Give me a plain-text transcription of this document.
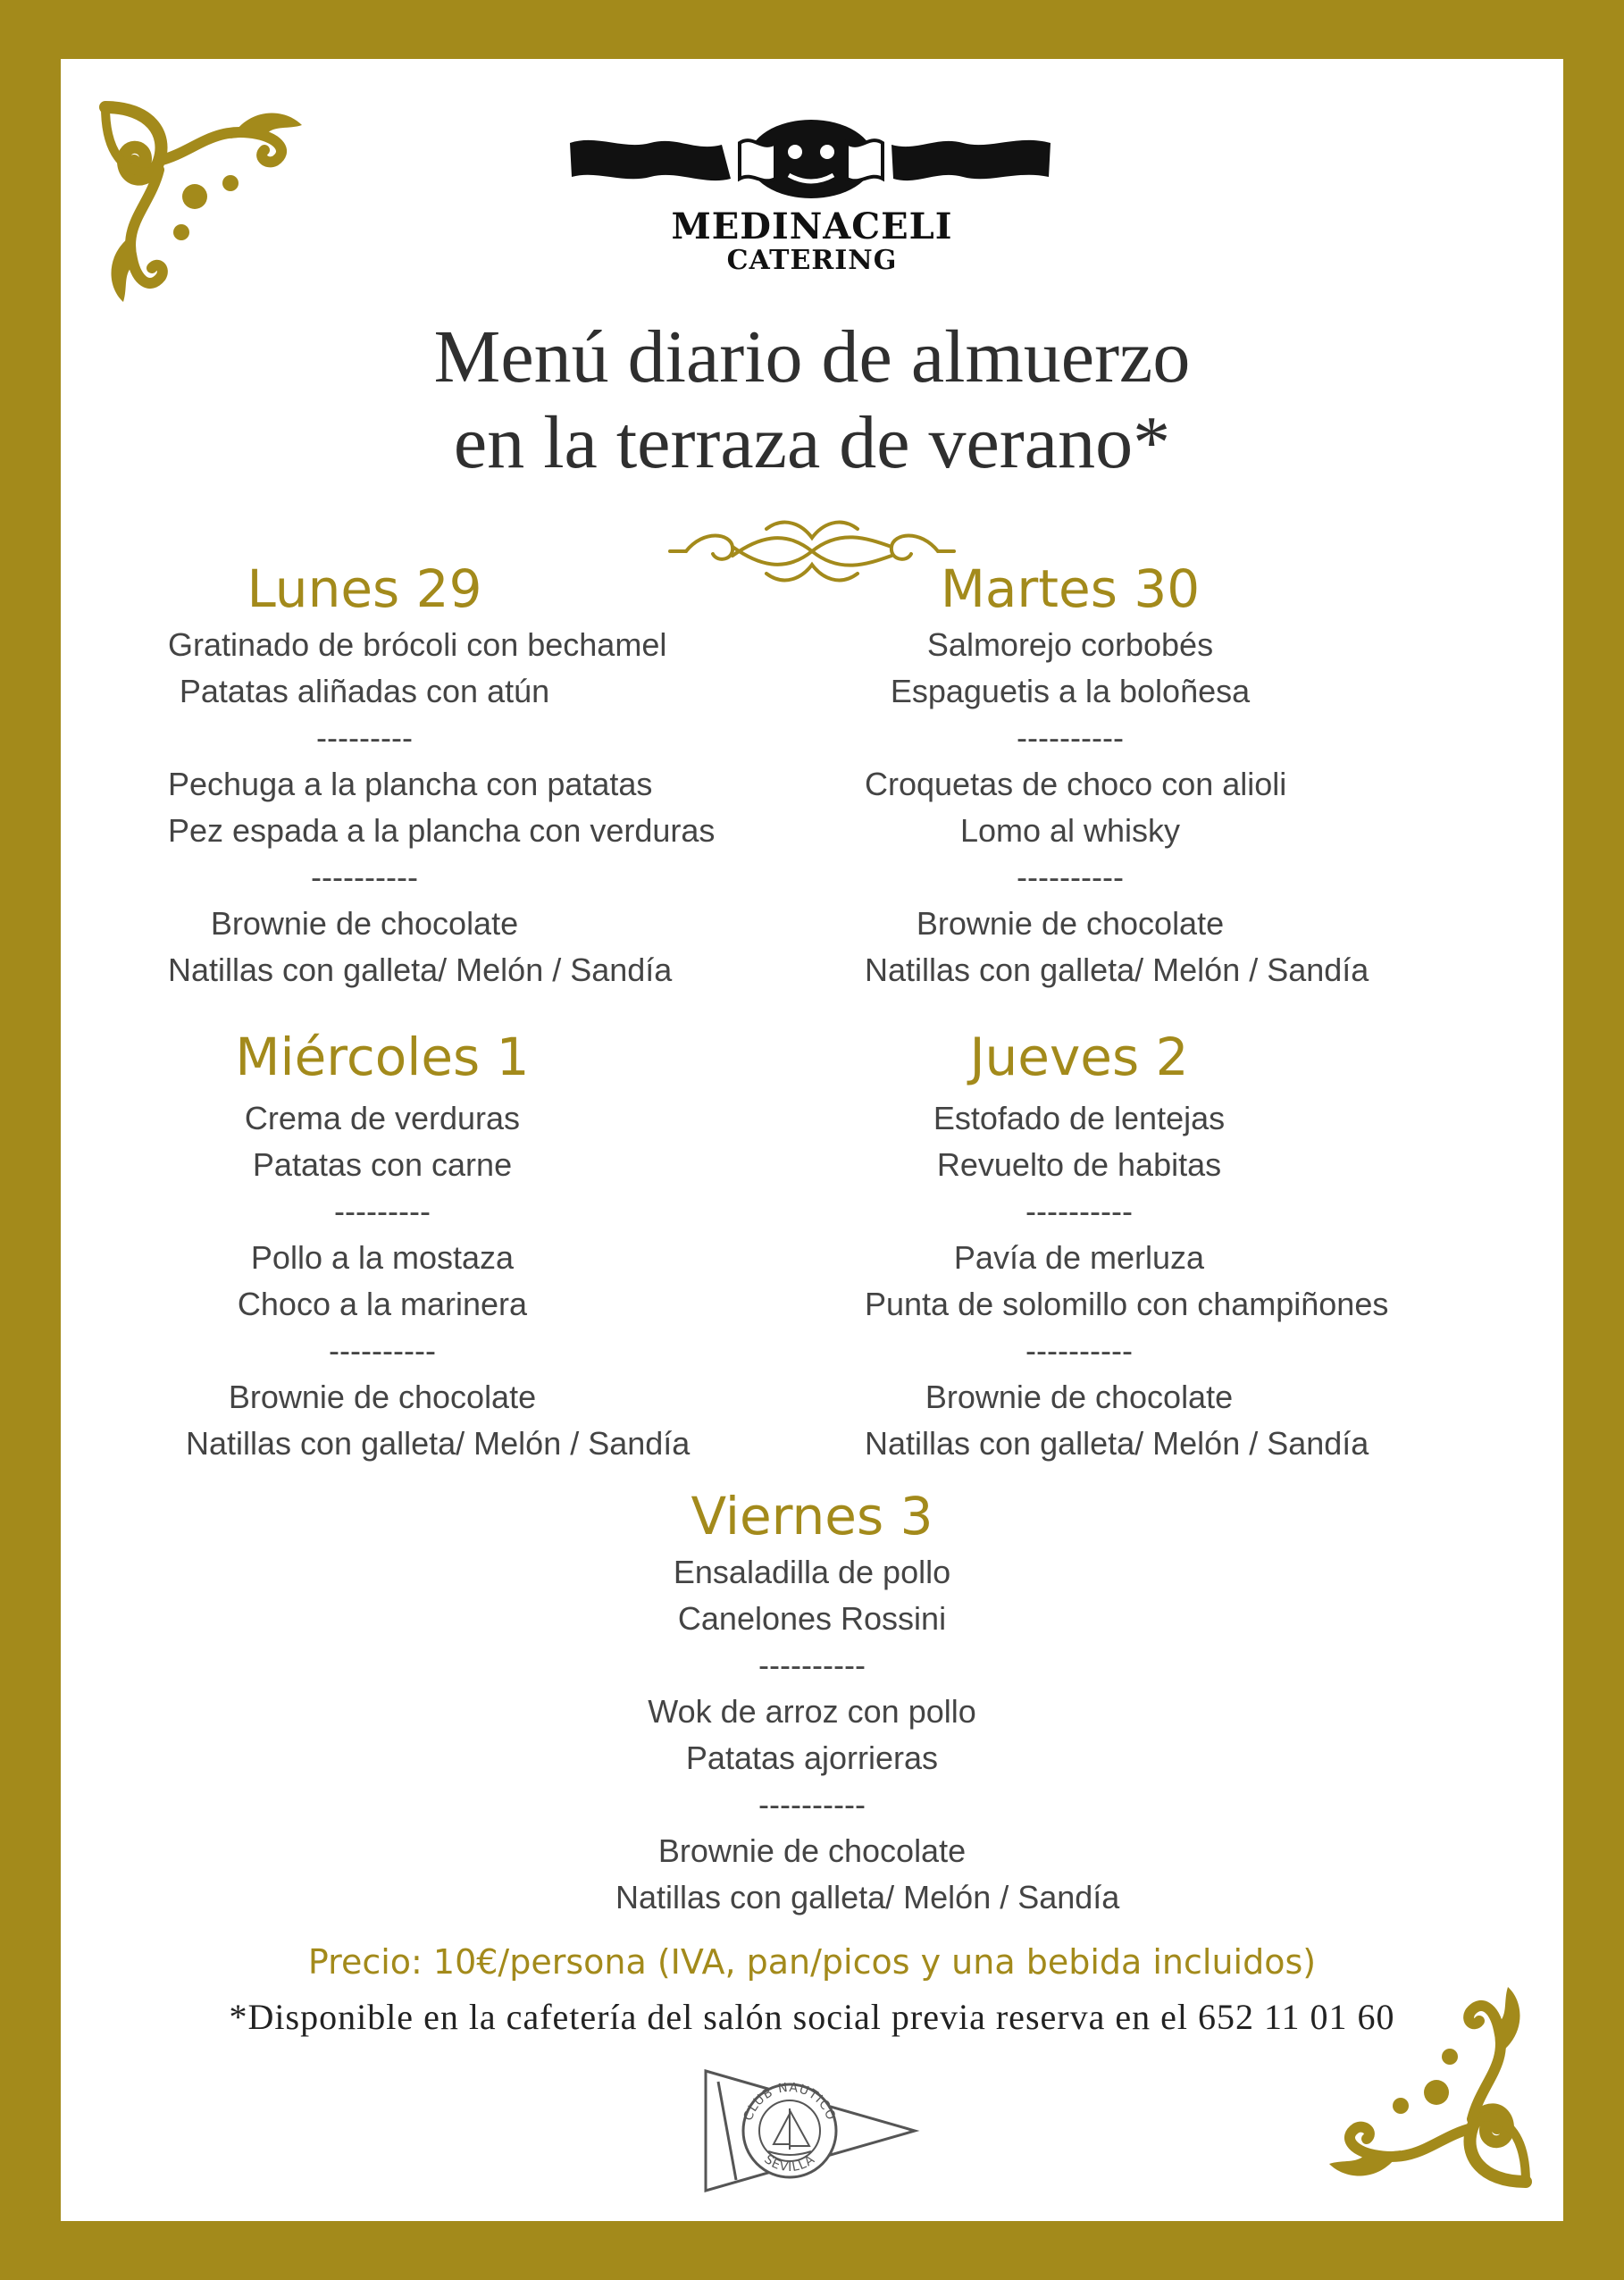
MEDINACELI
CATERING
Menú diario de almuerzo
en la terraza de verano*
Lunes 29
Gratinado de brócoli con bechamel
Patatas aliñadas con atún
---------
Pechuga a la plancha con patatas
Pez espada a la plancha con verduras
----------
Brownie de chocolate
Natillas con galleta/ Melón / Sandía
Martes 30
Salmorejo corbobés
Espaguetis a la boloñesa
----------
Croquetas de choco con alioli
Lomo al whisky
----------
Brownie de chocolate
Natillas con galleta/ Melón / Sandía
Miércoles 1
Crema de verduras
Patatas con carne
---------
Pollo a la mostaza
Choco a la marinera
----------
Brownie de chocolate
Natillas con galleta/ Melón / Sandía
Jueves 2
Estofado de lentejas
Revuelto de habitas
----------
Pavía de merluza
Punta de solomillo con champiñones
----------
Brownie de chocolate
Natillas con galleta/ Melón / Sandía
Viernes 3
Ensaladilla de pollo
Canelones Rossini
----------
Wok de arroz con pollo
Patatas ajorrieras
----------
Brownie de chocolate
Natillas con galleta/ Melón / Sandía
Precio: 10€/persona (IVA, pan/picos y una bebida incluidos)
*Disponible en la cafetería del salón social previa reserva en el 652 11 01 60
CLUB NAUTICO
SEVILLA
